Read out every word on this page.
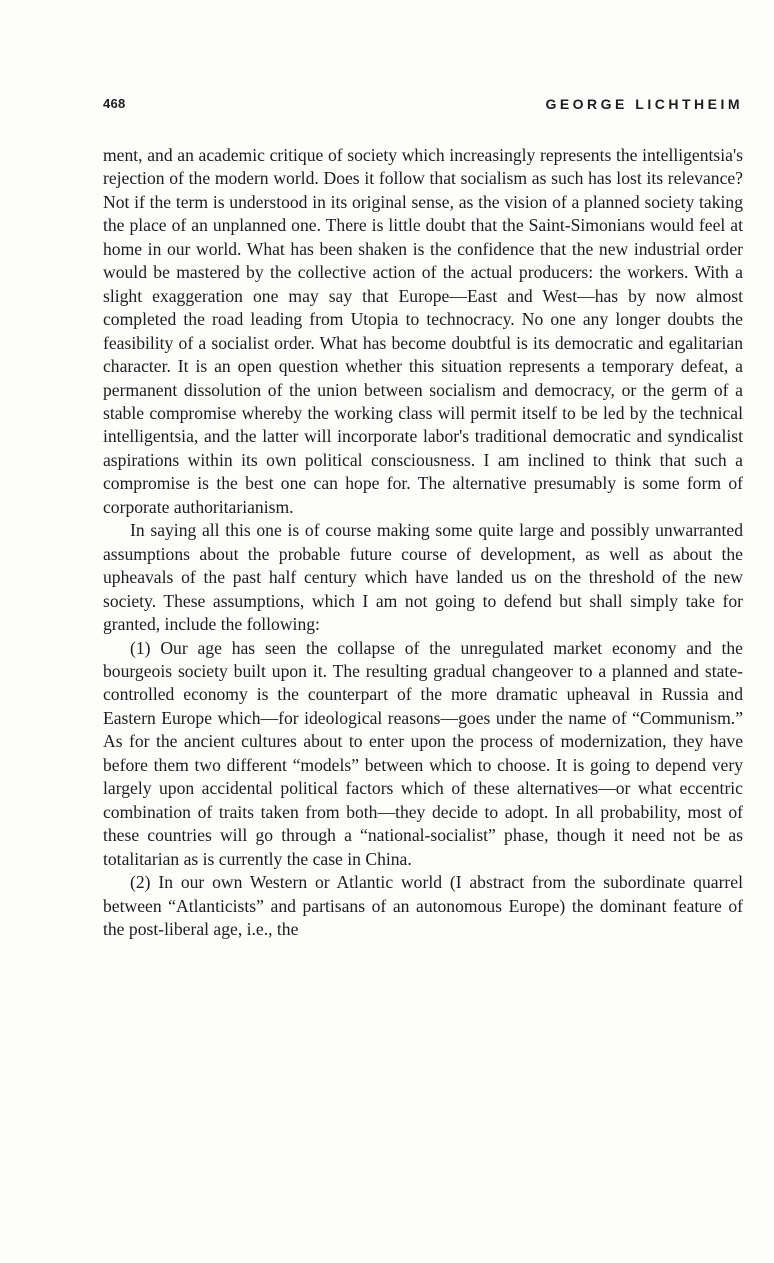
468	GEORGE LICHTHEIM

ment, and an academic critique of society which increasingly represents the intelligentsia's rejection of the modern world. Does it follow that socialism as such has lost its relevance? Not if the term is understood in its original sense, as the vision of a planned society taking the place of an unplanned one. There is little doubt that the Saint-Simonians would feel at home in our world. What has been shaken is the confidence that the new industrial order would be mastered by the collective action of the actual producers: the workers. With a slight exaggeration one may say that Europe—East and West—has by now almost completed the road leading from Utopia to technocracy. No one any longer doubts the feasibility of a socialist order. What has become doubtful is its democratic and egalitarian character. It is an open question whether this situation represents a temporary defeat, a permanent dissolution of the union between socialism and democracy, or the germ of a stable compromise whereby the working class will permit itself to be led by the technical intelligentsia, and the latter will incorporate labor's traditional democratic and syndicalist aspirations within its own political consciousness. I am inclined to think that such a compromise is the best one can hope for. The alternative presumably is some form of corporate authoritarianism.

In saying all this one is of course making some quite large and possibly unwarranted assumptions about the probable future course of development, as well as about the upheavals of the past half century which have landed us on the threshold of the new society. These assumptions, which I am not going to defend but shall simply take for granted, include the following:

(1) Our age has seen the collapse of the unregulated market economy and the bourgeois society built upon it. The resulting gradual changeover to a planned and state-controlled economy is the counterpart of the more dramatic upheaval in Russia and Eastern Europe which—for ideological reasons—goes under the name of “Communism.” As for the ancient cultures about to enter upon the process of modernization, they have before them two different “models” between which to choose. It is going to depend very largely upon accidental political factors which of these alternatives—or what eccentric combination of traits taken from both—they decide to adopt. In all probability, most of these countries will go through a “national-socialist” phase, though it need not be as totalitarian as is currently the case in China.

(2) In our own Western or Atlantic world (I abstract from the subordinate quarrel between “Atlanticists” and partisans of an autonomous Europe) the dominant feature of the post-liberal age, i.e., the
